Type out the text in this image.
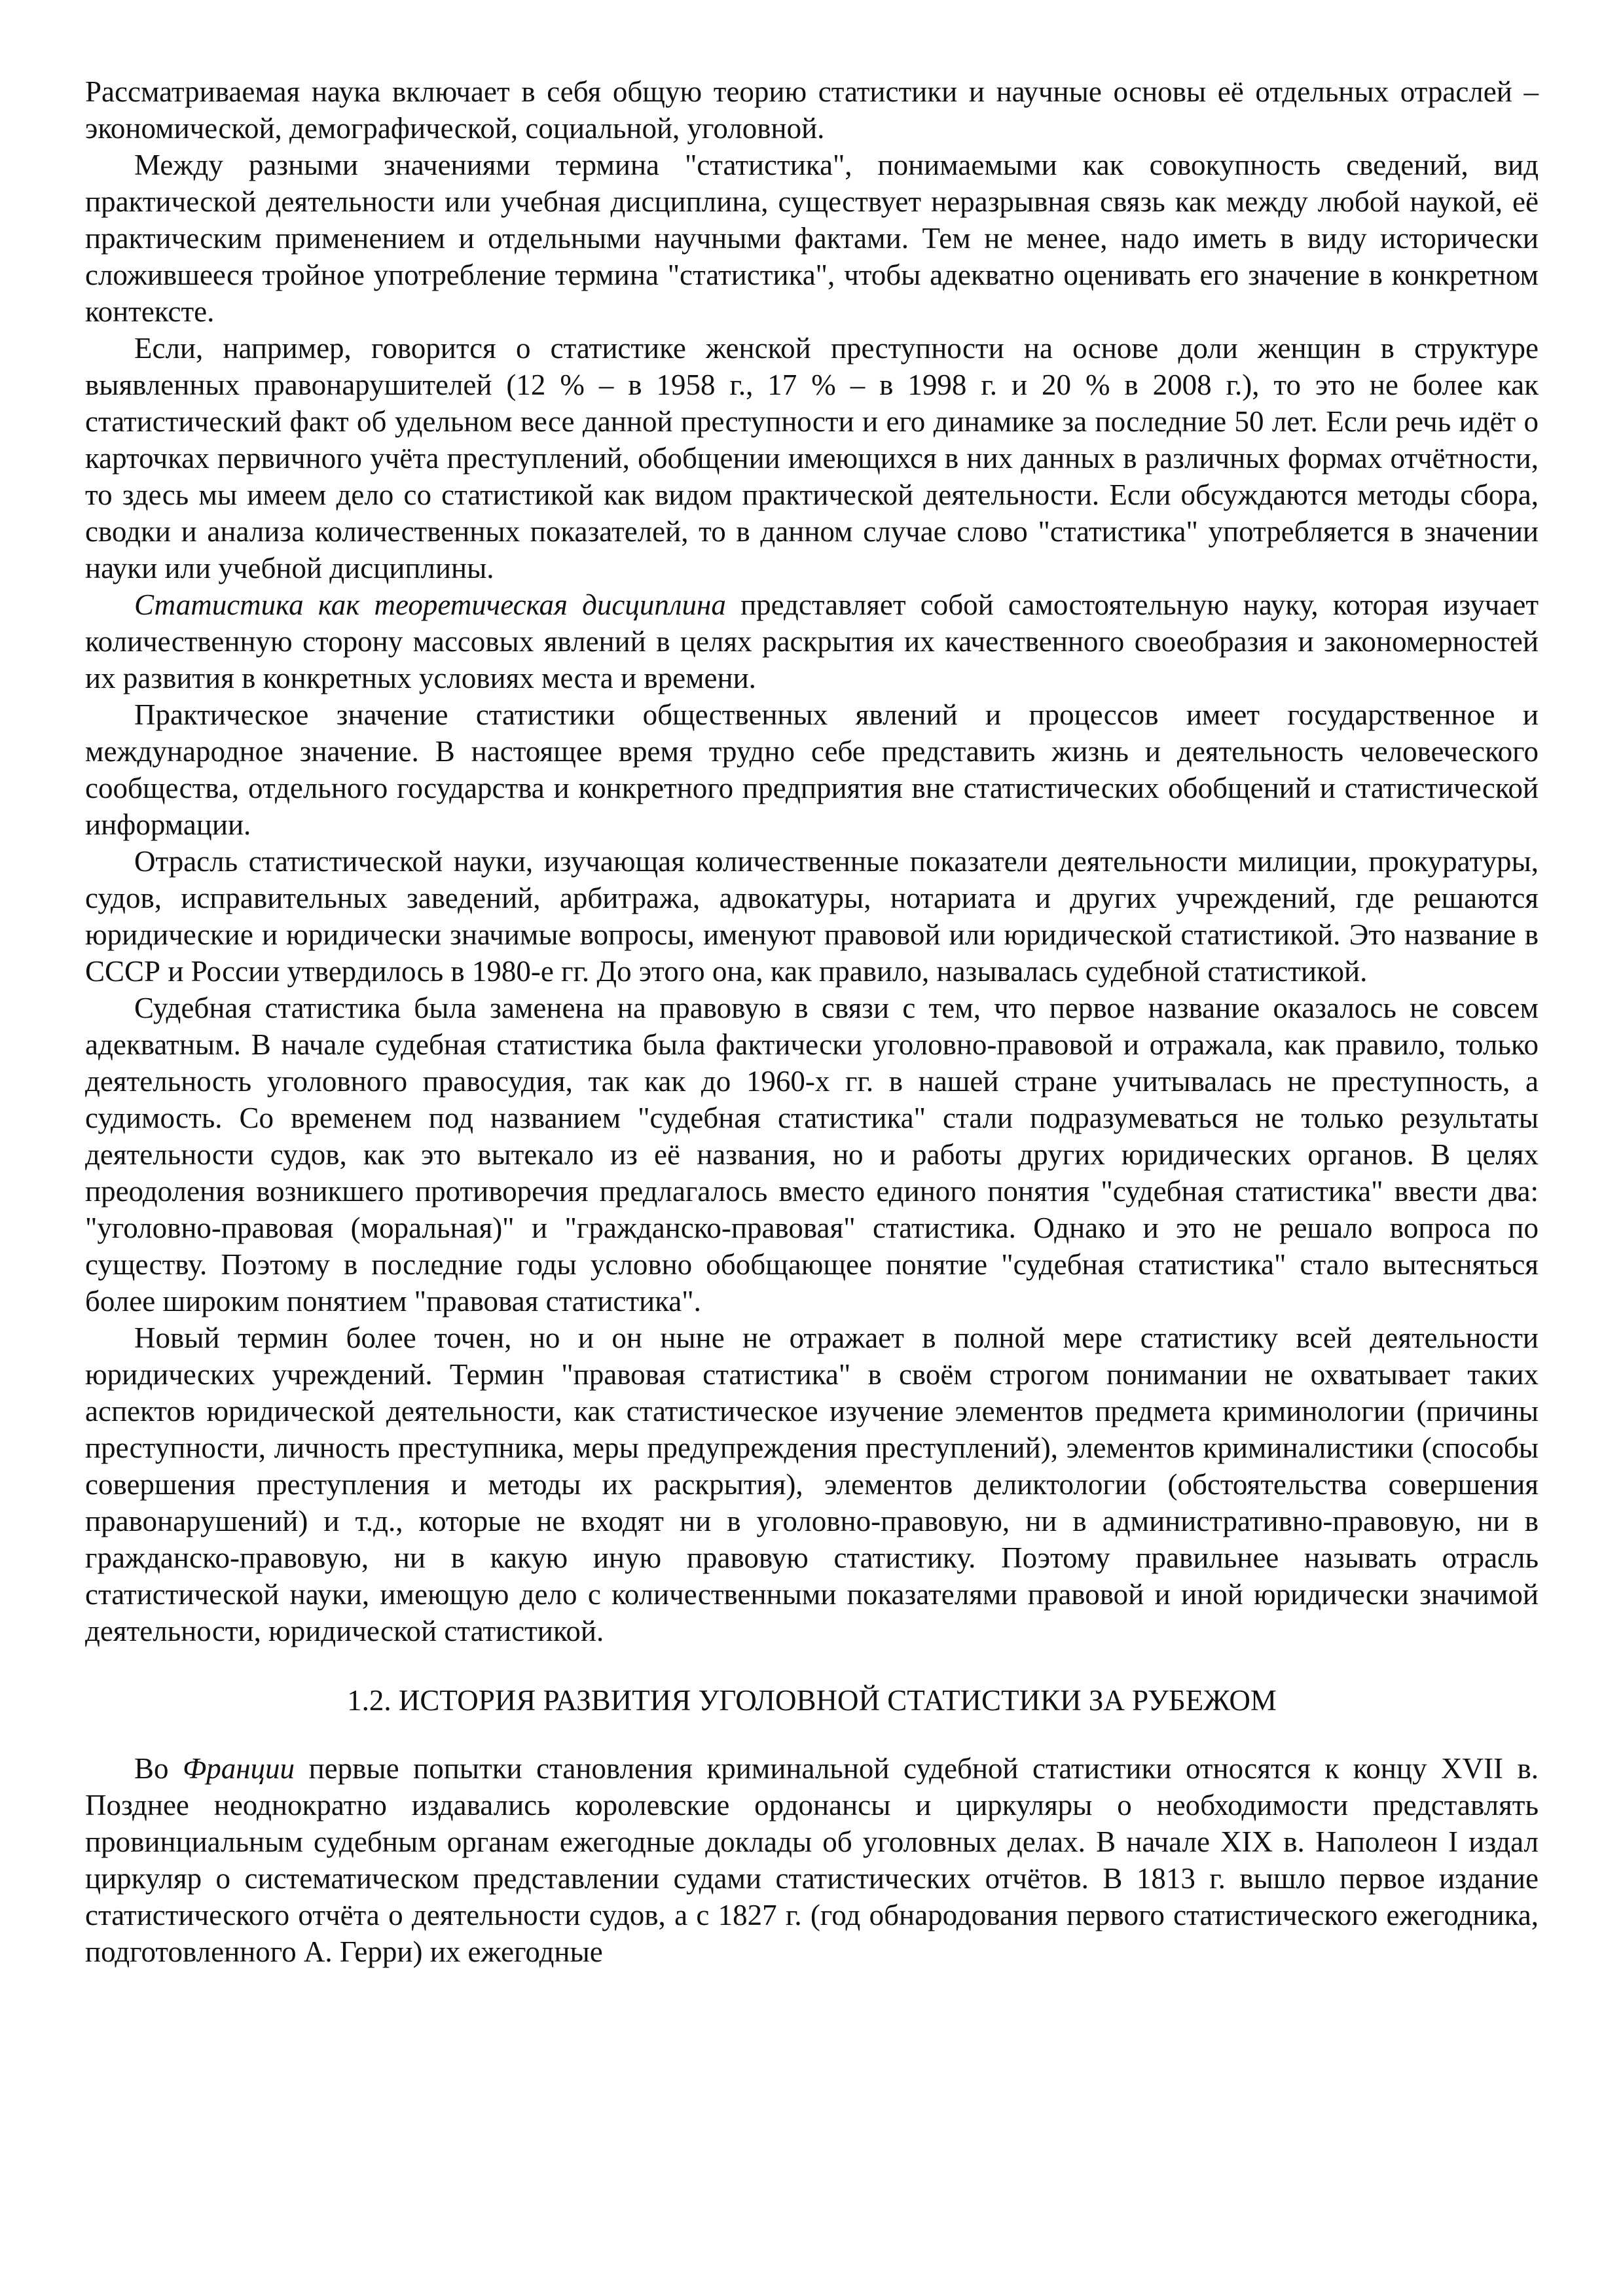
Рассматриваемая наука включает в себя общую теорию статистики и научные основы её отдельных отраслей – экономической, демографической, социальной, уголовной.

Между разными значениями термина "статистика", понимаемыми как совокупность сведений, вид практической деятельности или учебная дисциплина, существует неразрывная связь как между любой наукой, её практическим применением и отдельными научными фактами. Тем не менее, надо иметь в виду исторически сложившееся тройное употребление термина "статистика", чтобы адекватно оценивать его значение в конкретном контексте.

Если, например, говорится о статистике женской преступности на основе доли женщин в структуре выявленных правонарушителей (12 % – в 1958 г., 17 % – в 1998 г. и 20 % в 2008 г.), то это не более как статистический факт об удельном весе данной преступности и его динамике за последние 50 лет. Если речь идёт о карточках первичного учёта преступлений, обобщении имеющихся в них данных в различных формах отчётности, то здесь мы имеем дело со статистикой как видом практической деятельности. Если обсуждаются методы сбора, сводки и анализа количественных показателей, то в данном случае слово "статистика" употребляется в значении науки или учебной дисциплины.

Статистика как теоретическая дисциплина представляет собой самостоятельную науку, которая изучает количественную сторону массовых явлений в целях раскрытия их качественного своеобразия и закономерностей их развития в конкретных условиях места и времени.

Практическое значение статистики общественных явлений и процессов имеет государственное и международное значение. В настоящее время трудно себе представить жизнь и деятельность человеческого сообщества, отдельного государства и конкретного предприятия вне статистических обобщений и статистической информации.

Отрасль статистической науки, изучающая количественные показатели деятельности милиции, прокуратуры, судов, исправительных заведений, арбитража, адвокатуры, нотариата и других учреждений, где решаются юридические и юридически значимые вопросы, именуют правовой или юридической статистикой. Это название в СССР и России утвердилось в 1980-е гг. До этого она, как правило, называлась судебной статистикой.

Судебная статистика была заменена на правовую в связи с тем, что первое название оказалось не совсем адекватным. В начале судебная статистика была фактически уголовно-правовой и отражала, как правило, только деятельность уголовного правосудия, так как до 1960-х гг. в нашей стране учитывалась не преступность, а судимость. Со временем под названием "судебная статистика" стали подразумеваться не только результаты деятельности судов, как это вытекало из её названия, но и работы других юридических органов. В целях преодоления возникшего противоречия предлагалось вместо единого понятия "судебная статистика" ввести два: "уголовно-правовая (моральная)" и "гражданско-правовая" статистика. Однако и это не решало вопроса по существу. Поэтому в последние годы условно обобщающее понятие "судебная статистика" стало вытесняться более широким понятием "правовая статистика".

Новый термин более точен, но и он ныне не отражает в полной мере статистику всей деятельности юридических учреждений. Термин "правовая статистика" в своём строгом понимании не охватывает таких аспектов юридической деятельности, как статистическое изучение элементов предмета криминологии (причины преступности, личность преступника, меры предупреждения преступлений), элементов криминалистики (способы совершения преступления и методы их раскрытия), элементов деликтологии (обстоятельства совершения правонарушений) и т.д., которые не входят ни в уголовно-правовую, ни в административно-правовую, ни в гражданско-правовую, ни в какую иную правовую статистику. Поэтому правильнее называть отрасль статистической науки, имеющую дело с количественными показателями правовой и иной юридически значимой деятельности, юридической статистикой.

1.2. ИСТОРИЯ РАЗВИТИЯ УГОЛОВНОЙ СТАТИСТИКИ ЗА РУБЕЖОМ

Во Франции первые попытки становления криминальной судебной статистики относятся к концу XVII в. Позднее неоднократно издавались королевские ордонансы и циркуляры о необходимости представлять провинциальным судебным органам ежегодные доклады об уголовных делах. В начале XIX в. Наполеон I издал циркуляр о систематическом представлении судами статистических отчётов. В 1813 г. вышло первое издание статистического отчёта о деятельности судов, а с 1827 г. (год обнародования первого статистического ежегодника, подготовленного А. Герри) их ежегодные
